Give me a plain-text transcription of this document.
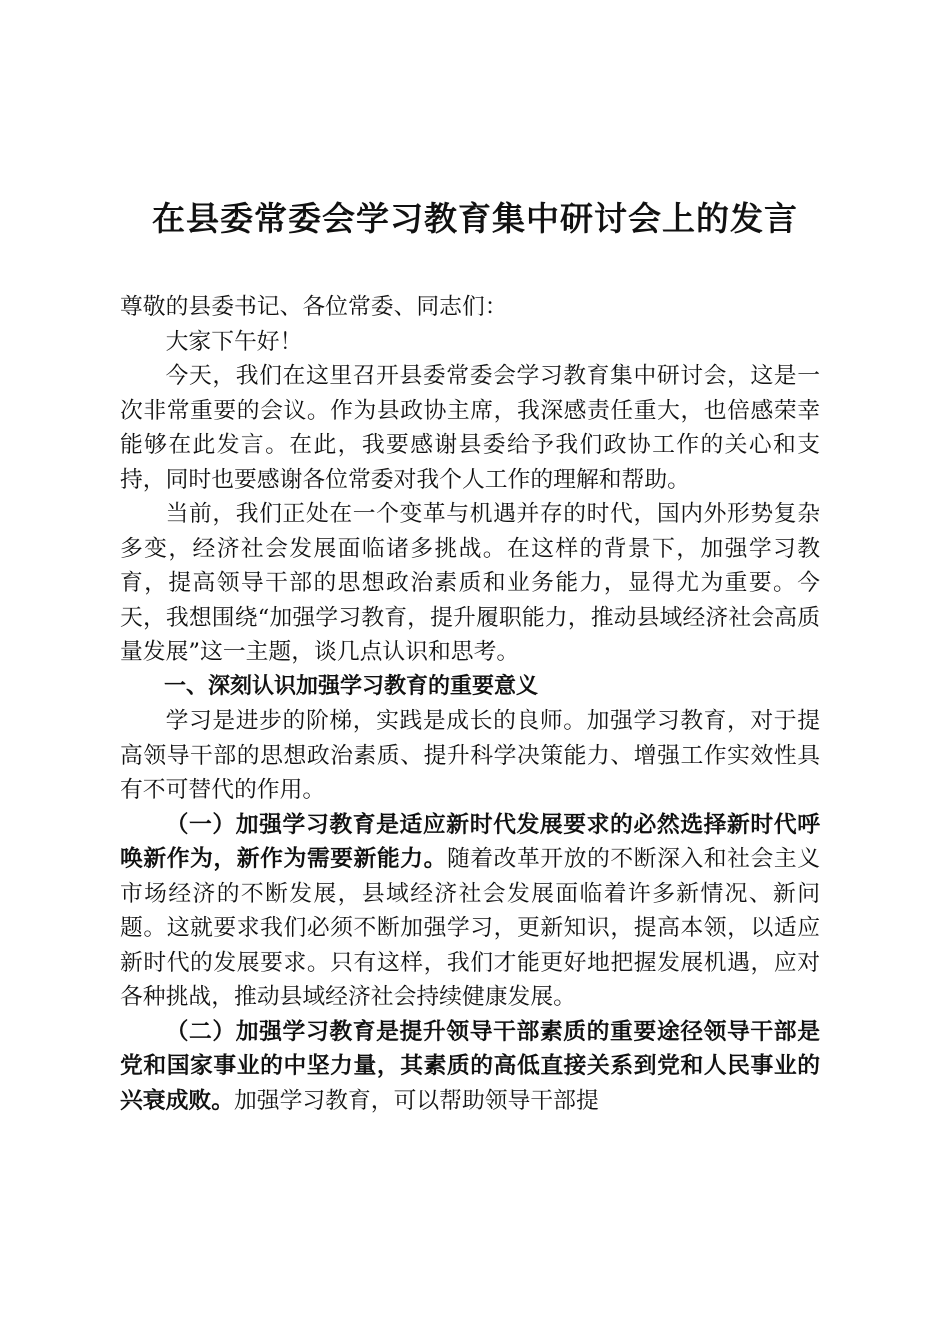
在县委常委会学习教育集中研讨会上的发言

尊敬的县委书记、各位常委、同志们：

大家下午好！

今天，我们在这里召开县委常委会学习教育集中研讨会，这是一次非常重要的会议。作为县政协主席，我深感责任重大，也倍感荣幸能够在此发言。在此，我要感谢县委给予我们政协工作的关心和支持，同时也要感谢各位常委对我个人工作的理解和帮助。

当前，我们正处在一个变革与机遇并存的时代，国内外形势复杂多变，经济社会发展面临诸多挑战。在这样的背景下，加强学习教育，提高领导干部的思想政治素质和业务能力，显得尤为重要。今天，我想围绕“加强学习教育，提升履职能力，推动县域经济社会高质量发展”这一主题，谈几点认识和思考。

一、深刻认识加强学习教育的重要意义

学习是进步的阶梯，实践是成长的良师。加强学习教育，对于提高领导干部的思想政治素质、提升科学决策能力、增强工作实效性具有不可替代的作用。

（一）加强学习教育是适应新时代发展要求的必然选择新时代呼唤新作为，新作为需要新能力。随着改革开放的不断深入和社会主义市场经济的不断发展，县域经济社会发展面临着许多新情况、新问题。这就要求我们必须不断加强学习，更新知识，提高本领，以适应新时代的发展要求。只有这样，我们才能更好地把握发展机遇，应对各种挑战，推动县域经济社会持续健康发展。

（二）加强学习教育是提升领导干部素质的重要途径领导干部是党和国家事业的中坚力量，其素质的高低直接关系到党和人民事业的兴衰成败。加强学习教育，可以帮助领导干部提
